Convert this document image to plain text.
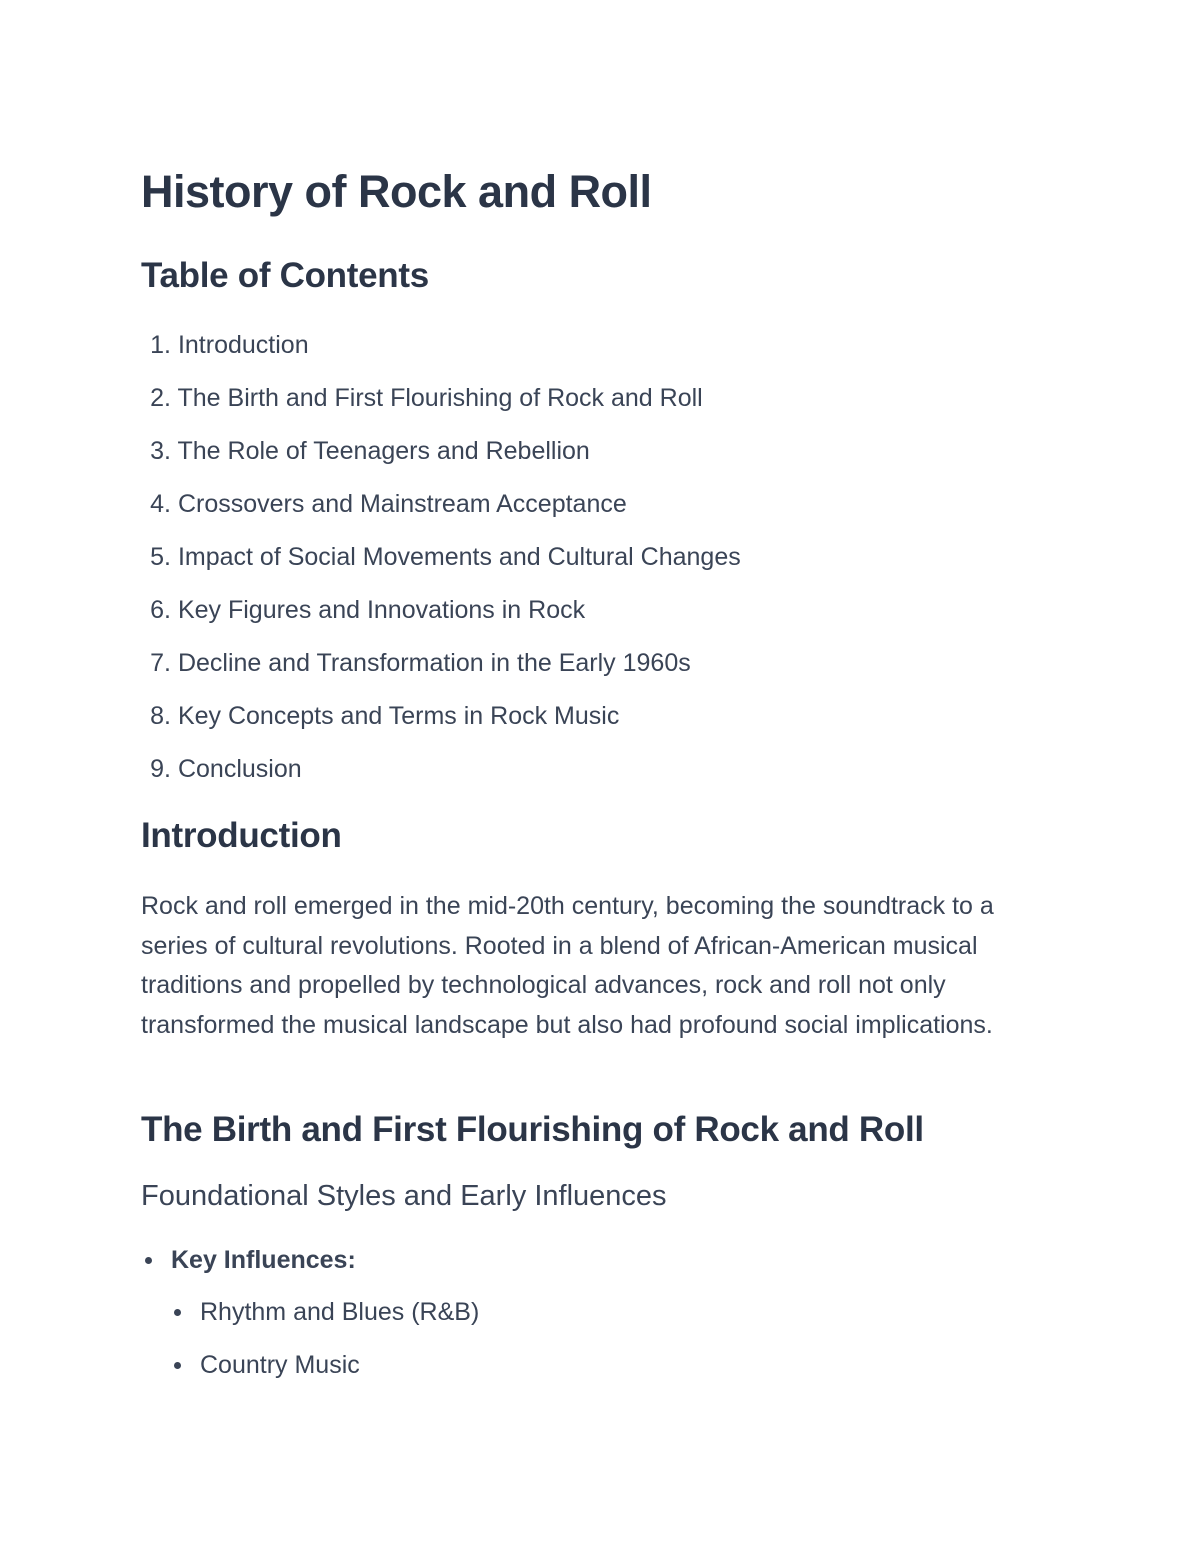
History of Rock and Roll
Table of Contents
1. Introduction
2. The Birth and First Flourishing of Rock and Roll
3. The Role of Teenagers and Rebellion
4. Crossovers and Mainstream Acceptance
5. Impact of Social Movements and Cultural Changes
6. Key Figures and Innovations in Rock
7. Decline and Transformation in the Early 1960s
8. Key Concepts and Terms in Rock Music
9. Conclusion
Introduction

Rock and roll emerged in the mid-20th century, becoming the soundtrack to a series of cultural revolutions. Rooted in a blend of African-American musical traditions and propelled by technological advances, rock and roll not only transformed the musical landscape but also had profound social implications.

The Birth and First Flourishing of Rock and Roll
Foundational Styles and Early Influences
Key Influences:
Rhythm and Blues (R&B)
Country Music
